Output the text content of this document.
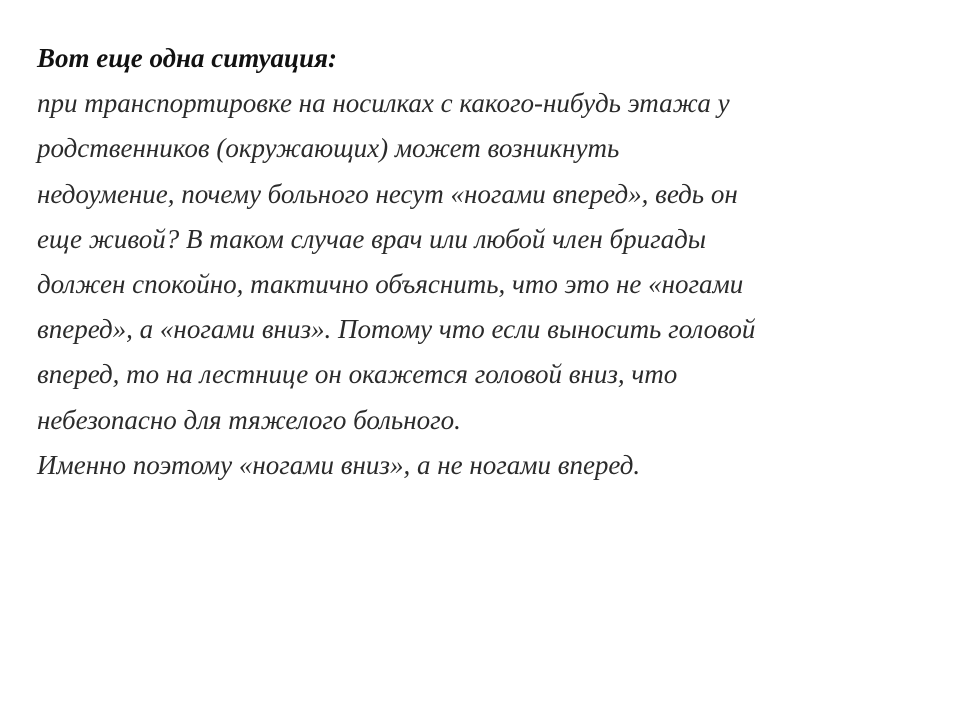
Вот еще одна ситуация:
при транспортировке на носилках с какого-нибудь этажа у
родственников (окружающих) может возникнуть
недоумение, почему больного несут «ногами вперед», ведь он
еще живой? В таком случае врач или любой член бригады
должен спокойно, тактично объяснить, что это не «ногами
вперед», а «ногами вниз». Потому что если выносить головой
вперед, то на лестнице он окажется головой вниз, что
небезопасно для тяжелого больного.
Именно поэтому «ногами вниз», а не ногами вперед.
